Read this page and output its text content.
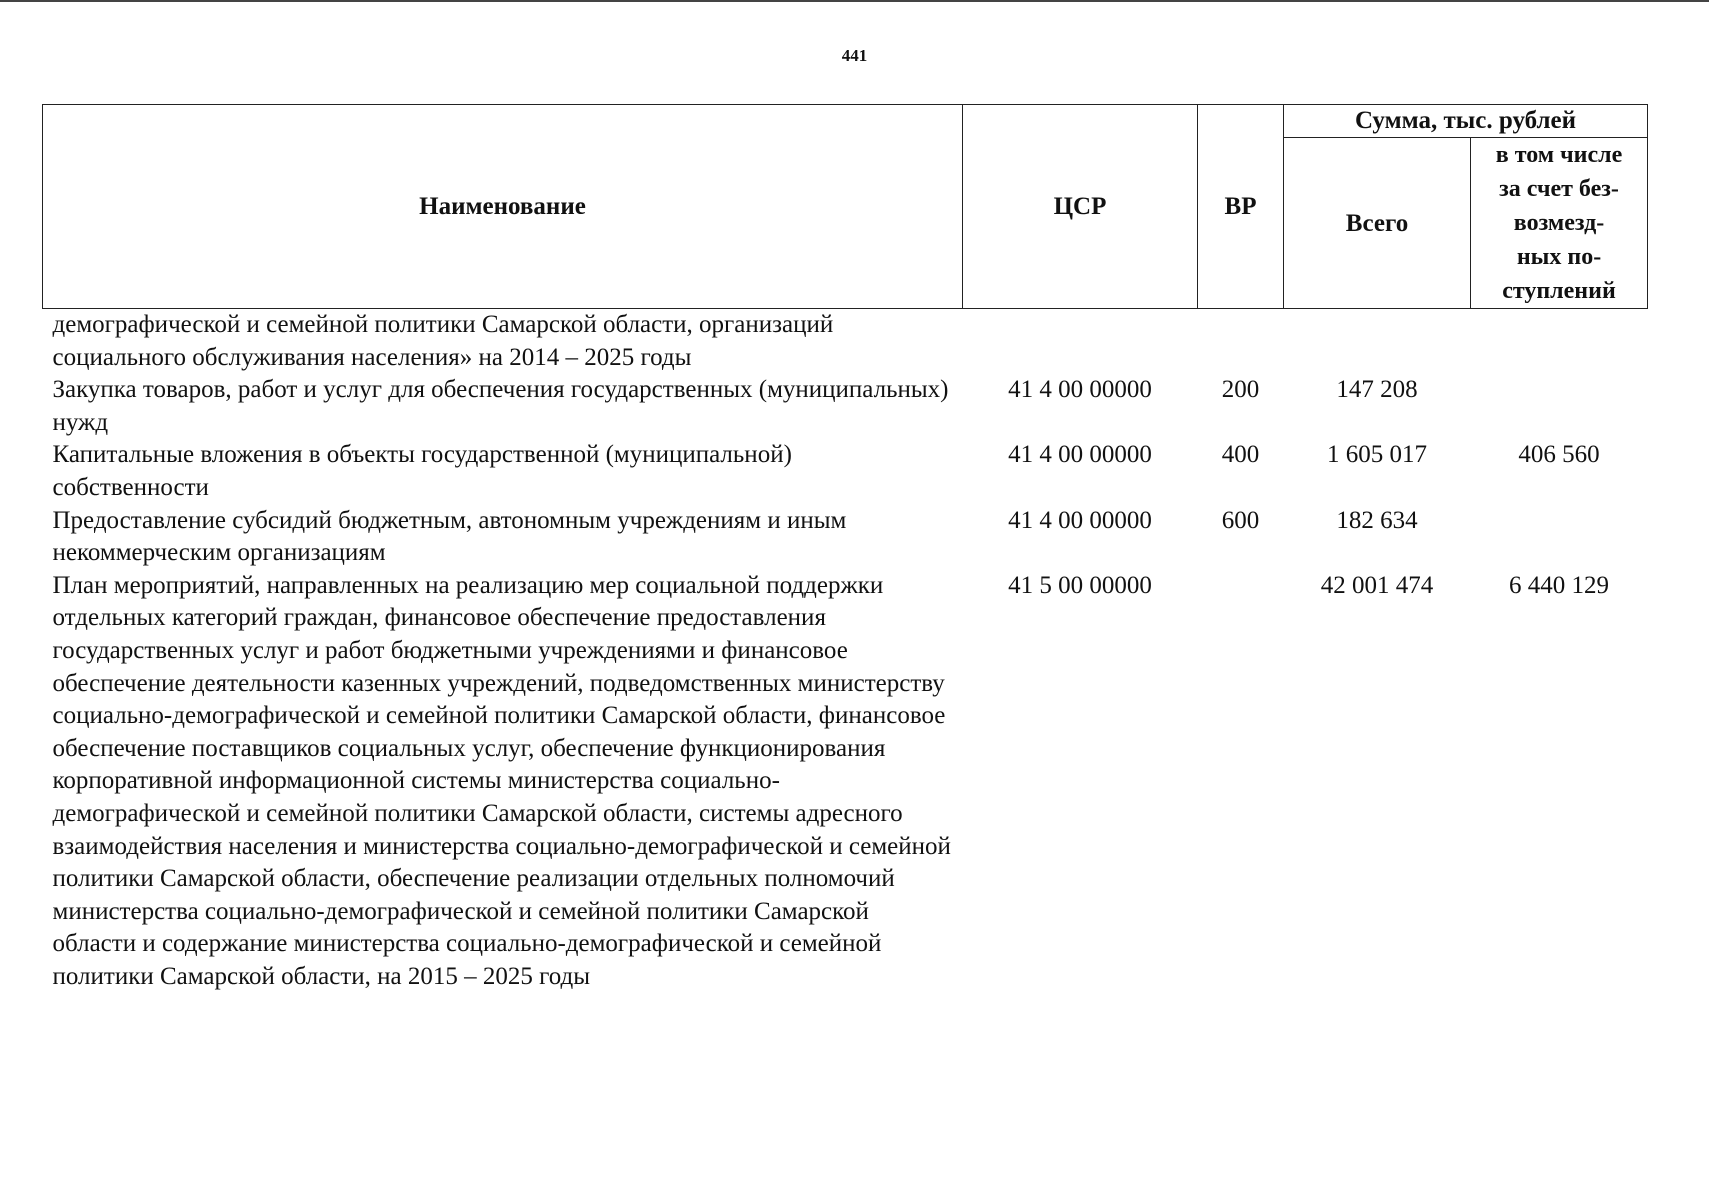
441
Наименование	ЦСР	ВР	Сумма, тыс. рублей	
			Всего	в том числе
за счет без-
возмезд-
ных по-
ступлений
демографической и семейной политики Самарской области, организаций социального обслуживания населения» на 2014 – 2025 годы				
Закупка товаров, работ и услуг для обеспечения государственных (муниципальных) нужд	41 4 00 00000	200	147 208	
Капитальные вложения в объекты государственной (муниципальной) собственности	41 4 00 00000	400	1 605 017	406 560
Предоставление субсидий бюджетным, автономным учреждениям и иным некоммерческим организациям	41 4 00 00000	600	182 634	
План мероприятий, направленных на реализацию мер социальной поддержки отдельных категорий граждан, финансовое обеспечение предоставления государственных услуг и работ бюджетными учреждениями и финансовое обеспечение деятельности казенных учреждений, подведомственных министерству социально-демографической и семейной политики Самарской области, финансовое обеспечение поставщиков социальных услуг, обеспечение функционирования корпоративной информационной системы министерства социально-демографической и семейной политики Самарской области, системы адресного взаимодействия населения и министерства социально-демографической и семейной политики Самарской области, обеспечение реализации отдельных полномочий министерства социально-демографической и семейной политики Самарской области и содержание министерства социально-демографической и семейной политики Самарской области, на 2015 – 2025 годы	41 5 00 00000		42 001 474	6 440 129
